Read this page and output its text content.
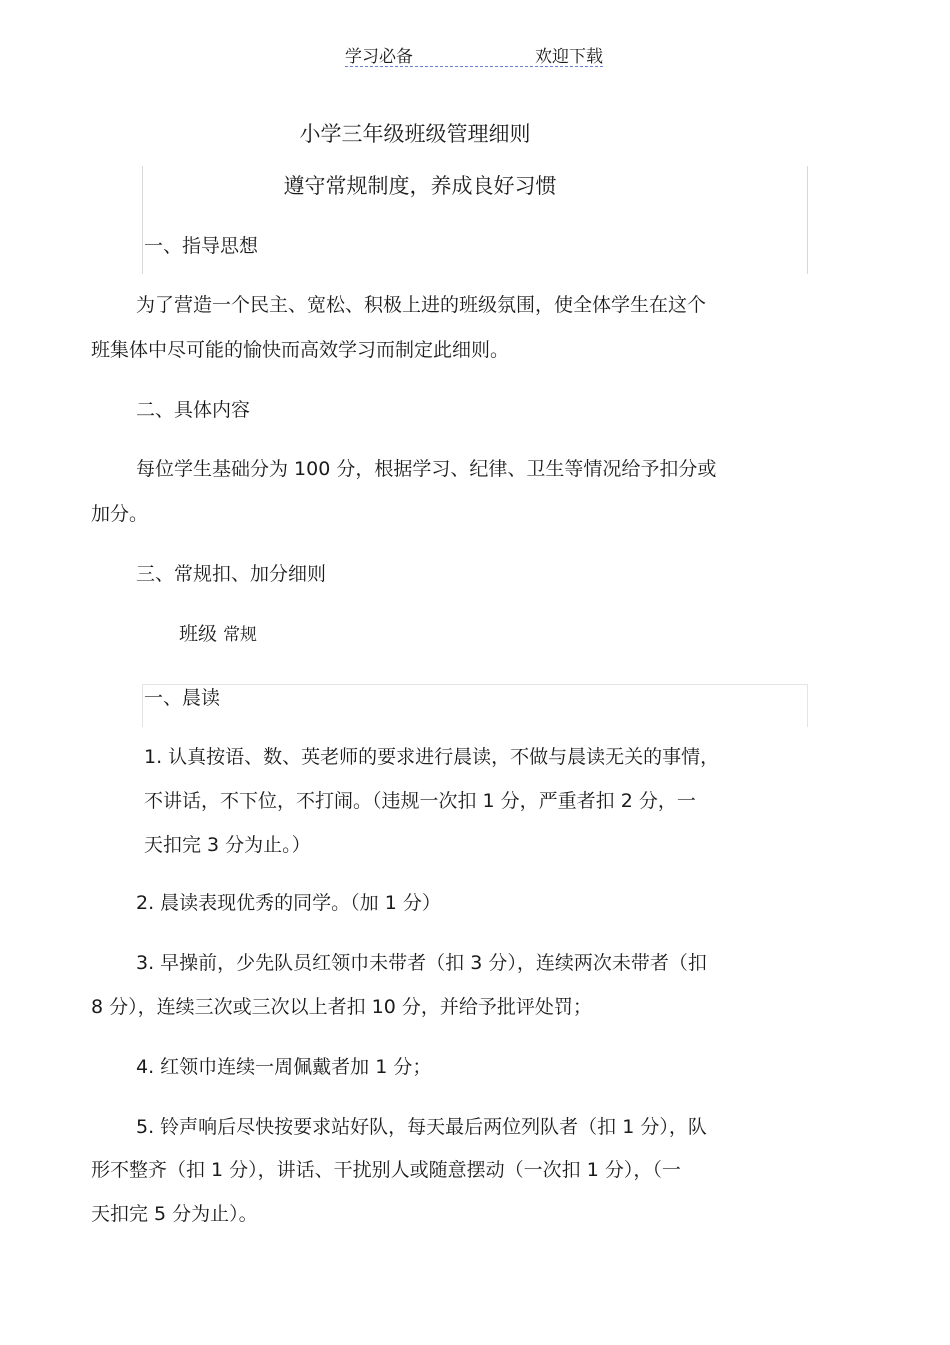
学习必备	欢迎下载
小学三年级班级管理细则
遵守常规制度，养成良好习惯
一、指导思想
为了营造一个民主、宽松、积极上进的班级氛围，使全体学生在这个
班集体中尽可能的愉快而高效学习而制定此细则。
二、具体内容
每位学生基础分为 100 分，根据学习、纪律、卫生等情况给予扣分或
加分。
三、常规扣、加分细则
班级 常规
一、晨读
1. 认真按语、数、英老师的要求进行晨读，不做与晨读无关的事情，
不讲话，不下位，不打闹。（违规一次扣 1 分，严重者扣 2 分，一
天扣完 3 分为止。）
2. 晨读表现优秀的同学。（加 1 分）
3. 早操前，少先队员红领巾未带者（扣 3 分），连续两次未带者（扣
8 分），连续三次或三次以上者扣 10 分，并给予批评处罚；
4. 红领巾连续一周佩戴者加 1 分；
5. 铃声响后尽快按要求站好队，每天最后两位列队者（扣 1 分），队
形不整齐（扣 1 分），讲话、干扰别人或随意摆动（一次扣 1 分），（一
天扣完 5 分为止）。
